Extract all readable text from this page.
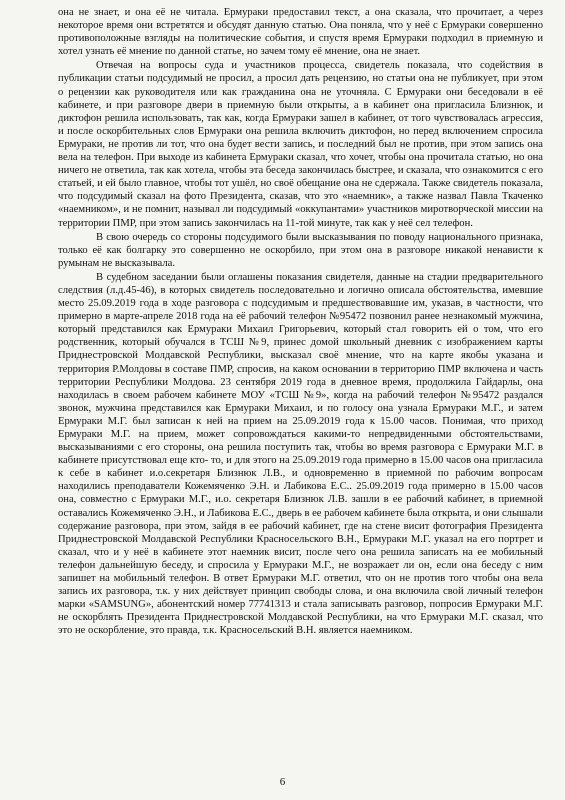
она не знает, и она её не читала. Ермураки предоставил текст, а она сказала, что прочитает, а через некоторое время они встретятся и обсудят данную статью. Она поняла, что у неё с Ермураки совершенно противоположные взгляды на политические события, и спустя время Ермураки подходил в приемную и хотел узнать её мнение по данной статье, но зачем тому её мнение, она не знает.

Отвечая на вопросы суда и участников процесса, свидетель показала, что содействия в публикации статьи подсудимый не просил, а просил дать рецензию, но статьи она не публикует, при этом о рецензии как руководителя или как гражданина она не уточняла. С Ермураки они беседовали в её кабинете, и при разговоре двери в приемную были открыты, а в кабинет она пригласила Близнюк, и диктофон решила использовать, так как, когда Ермураки зашел в кабинет, от того чувствовалась агрессия, и после оскорбительных слов Ермураки она решила включить диктофон, но перед включением спросила Ермураки, не против ли тот, что она будет вести запись, и последний был не против, при этом запись она вела на телефон. При выходе из кабинета Ермураки сказал, что хочет, чтобы она прочитала статью, но она ничего не ответила, так как хотела, чтобы эта беседа закончилась быстрее, и сказала, что ознакомится с его статьей, и ей было главное, чтобы тот ушёл, но своё обещание она не сдержала. Также свидетель показала, что подсудимый сказал на фото Президента, сказав, что это «наемник», а также назвал Павла Ткаченко «наемником», и не помнит, называл ли подсудимый «оккупантами» участников миротворческой миссии на территории ПМР, при этом запись закончилась на 11-той минуте, так как у неё сел телефон.

В свою очередь со стороны подсудимого были высказывания по поводу национального признака, только её как болгарку это совершенно не оскорбило, при этом она в разговоре никакой ненависти к румынам не высказывала.

В судебном заседании были оглашены показания свидетеля, данные на стадии предварительного следствия (л.д.45-46), в которых свидетель последовательно и логично описала обстоятельства, имевшие место 25.09.2019 года в ходе разговора с подсудимым и предшествовавшие им, указав, в частности, что примерно в марте-апреле 2018 года на её рабочий телефон №95472 позвонил ранее незнакомый мужчина, который представился как Ермураки Михаил Григорьевич, который стал говорить ей о том, что его родственник, который обучался в ТСШ №9, принес домой школьный дневник с изображением карты Приднестровской Молдавской Республики, высказал своё мнение, что на карте якобы указана и территория Р.Молдовы в составе ПМР, спросив, на каком основании в территорию ПМР включена и часть территории Республики Молдова. 23 сентября 2019 года в дневное время, продолжила Гайдарлы, она находилась в своем рабочем кабинете МОУ «ТСШ №9», когда на рабочий телефон №95472 раздался звонок, мужчина представился как Ермураки Михаил, и по голосу она узнала Ермураки М.Г., и затем Ермураки М.Г. был записан к ней на прием на 25.09.2019 года к 15.00 часов. Понимая, что приход Ермураки М.Г. на прием, может сопровождаться какими-то непредвиденными обстоятельствами, высказываниями с его стороны, она решила поступить так, чтобы во время разговора с Ермураки М.Г. в кабинете присутствовал еще кто- то, и для этого на 25.09.2019 года примерно в 15.00 часов она пригласила к себе в кабинет и.о.секретаря Близнюк Л.В., и одновременно в приемной по рабочим вопросам находились преподаватели Кожемяченко Э.Н. и Лабикова Е.С.. 25.09.2019 года примерно в 15.00 часов она, совместно с Ермураки М.Г., и.о. секретаря Близнюк Л.В. зашли в ее рабочий кабинет, в приемной оставались Кожемяченко Э.Н., и Лабикова Е.С., дверь в ее рабочем кабинете была открыта, и они слышали содержание разговора, при этом, зайдя в ее рабочий кабинет, где на стене висит фотография Президента Приднестровской Молдавской Республики Красносельского В.Н., Ермураки М.Г. указал на его портрет и сказал, что и у неё в кабинете этот наемник висит, после чего она решила записать на ее мобильный телефон дальнейшую беседу, и спросила у Ермураки М.Г., не возражает ли он, если она беседу с ним запишет на мобильный телефон. В ответ Ермураки М.Г. ответил, что он не против того чтобы она вела запись их разговора, т.к. у них действует принцип свободы слова, и она включила свой личный телефон марки «SAMSUNG», абонентский номер 77741313 и стала записывать разговор, попросив Ермураки М.Г. не оскорблять Президента Приднестровской Молдавской Республики, на что Ермураки М.Г. сказал, что это не оскорбление, это правда, т.к. Красносельский В.Н. является наемником.

6
